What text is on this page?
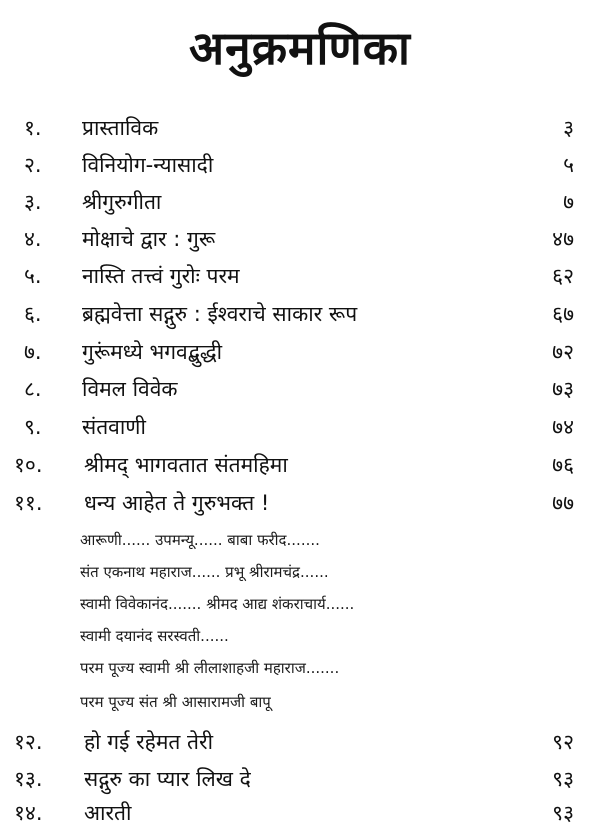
अनुक्रमणिका
१. प्रास्ताविक	३
२. विनियोग-न्यासादी	५
३. श्रीगुरुगीता	७
४. मोक्षाचे द्वार : गुरू	४७
५. नास्ति तत्त्वं गुरोः परम	६२
६. ब्रह्मवेत्ता सद्गुरु : ईश्वराचे साकार रूप	६७
७. गुरूंमध्ये भगवद्बुद्धी	७२
८. विमल विवेक	७३
९. संतवाणी	७४
१०. श्रीमद् भागवतात संतमहिमा	७६
११. धन्य आहेत ते गुरुभक्त !	७७
आरूणी...... उपमन्यू...... बाबा फरीद.......
संत एकनाथ महाराज...... प्रभू श्रीरामचंद्र......
स्वामी विवेकानंद....... श्रीमद आद्य शंकराचार्य......
स्वामी दयानंद सरस्वती......
परम पूज्य स्वामी श्री लीलाशाहजी महाराज.......
परम पूज्य संत श्री आसारामजी बापू
१२. हो गई रहेमत तेरी	९२
१३. सद्गुरु का प्यार लिख दे	९३
१४. आरती	९३
